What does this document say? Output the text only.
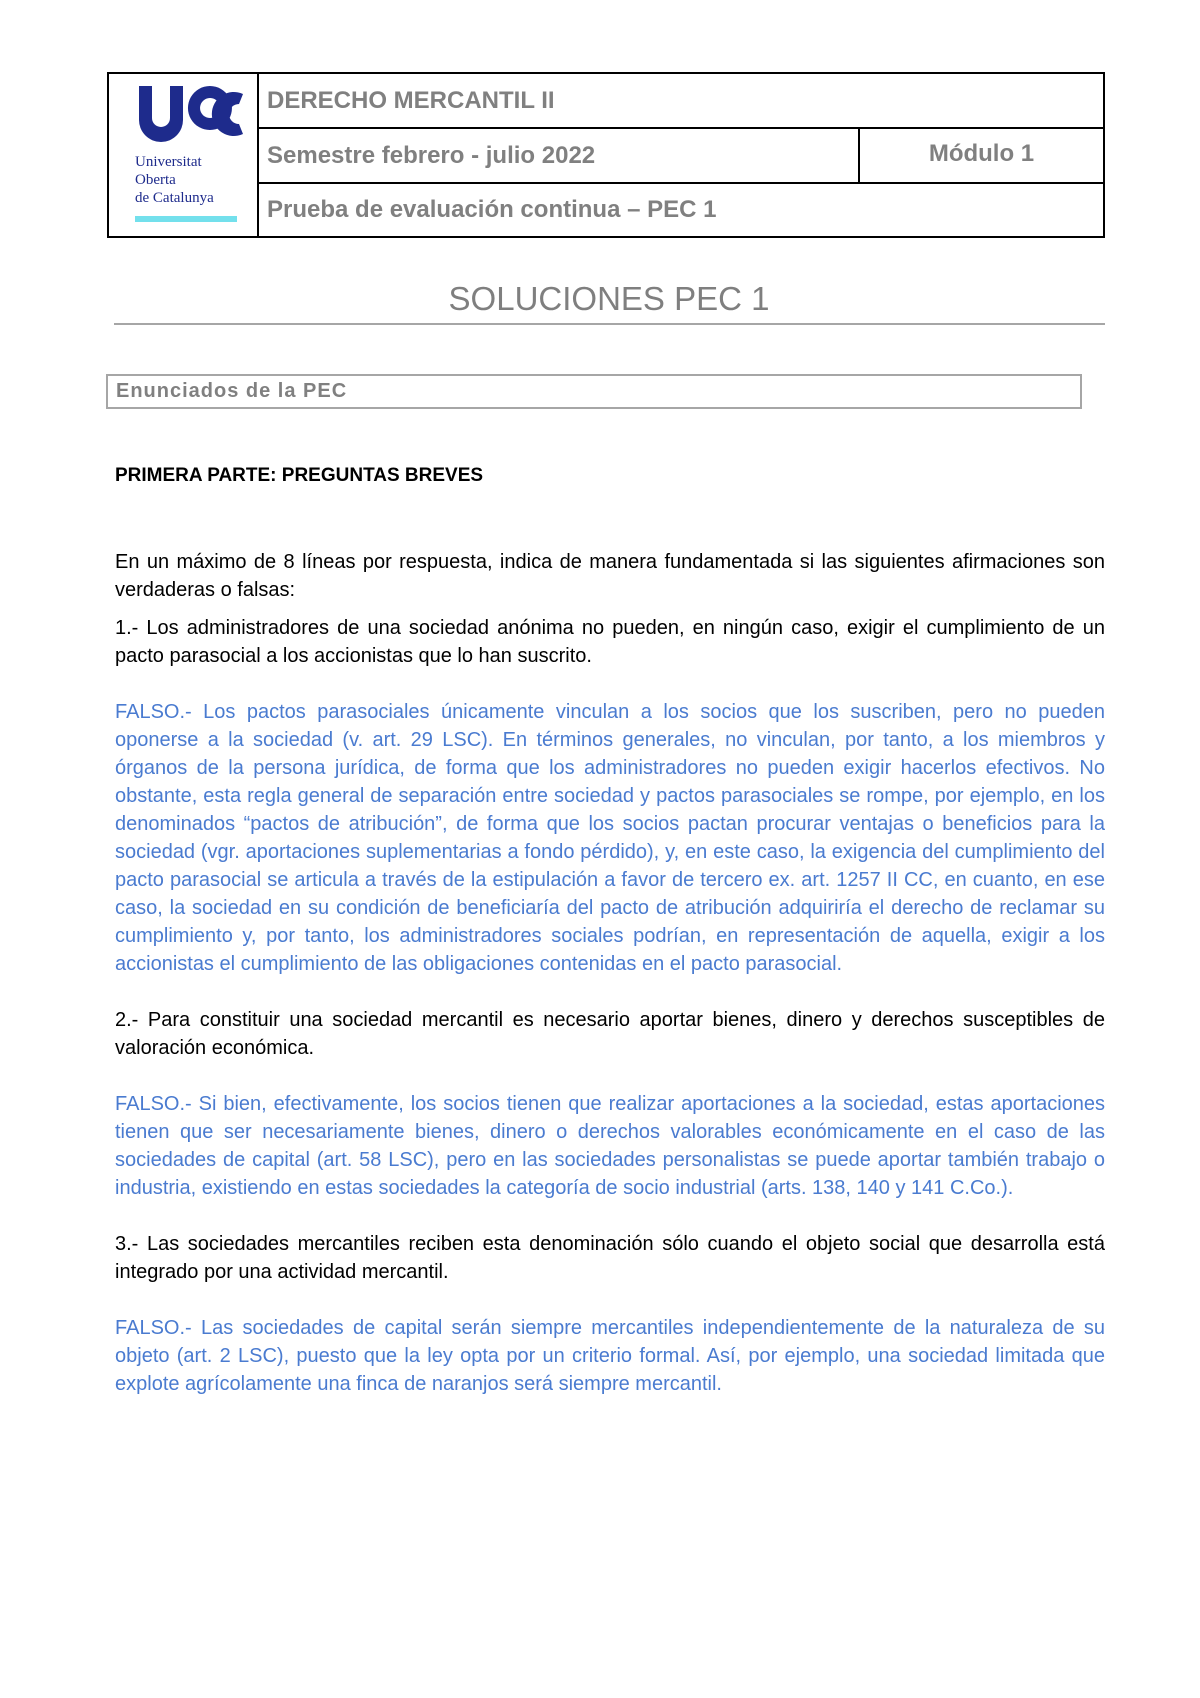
Universitat
Oberta
de Catalunya
DERECHO MERCANTIL II
Semestre febrero - julio 2022	Módulo 1
Prueba de evaluación continua – PEC 1
SOLUCIONES PEC 1
Enunciados de la PEC

PRIMERA PARTE: PREGUNTAS BREVES

En un máximo de 8 líneas por respuesta, indica de manera fundamentada si las siguientes afirmaciones son verdaderas o falsas:

1.- Los administradores de una sociedad anónima no pueden, en ningún caso, exigir el cumplimiento de un pacto parasocial a los accionistas que lo han suscrito.

FALSO.- Los pactos parasociales únicamente vinculan a los socios que los suscriben, pero no pueden oponerse a la sociedad (v. art. 29 LSC). En términos generales, no vinculan, por tanto, a los miembros y órganos de la persona jurídica, de forma que los administradores no pueden exigir hacerlos efectivos. No obstante, esta regla general de separación entre sociedad y pactos parasociales se rompe, por ejemplo, en los denominados “pactos de atribución”, de forma que los socios pactan procurar ventajas o beneficios para la sociedad (vgr. aportaciones suplementarias a fondo pérdido), y, en este caso, la exigencia del cumplimiento del pacto parasocial se articula a través de la estipulación a favor de tercero ex. art. 1257 II CC, en cuanto, en ese caso, la sociedad en su condición de beneficiaría del pacto de atribución adquiriría el derecho de reclamar su cumplimiento y, por tanto, los administradores sociales podrían, en representación de aquella, exigir a los accionistas el cumplimiento de las obligaciones contenidas en el pacto parasocial.

2.- Para constituir una sociedad mercantil es necesario aportar bienes, dinero y derechos susceptibles de valoración económica.

FALSO.- Si bien, efectivamente, los socios tienen que realizar aportaciones a la sociedad, estas aportaciones tienen que ser necesariamente bienes, dinero o derechos valorables económicamente en el caso de las sociedades de capital (art. 58 LSC), pero en las sociedades personalistas se puede aportar también trabajo o industria, existiendo en estas sociedades la categoría de socio industrial (arts. 138, 140 y 141 C.Co.).

3.- Las sociedades mercantiles reciben esta denominación sólo cuando el objeto social que desarrolla está integrado por una actividad mercantil.

FALSO.- Las sociedades de capital serán siempre mercantiles independientemente de la naturaleza de su objeto (art. 2 LSC), puesto que la ley opta por un criterio formal. Así, por ejemplo, una sociedad limitada que explote agrícolamente una finca de naranjos será siempre mercantil.
